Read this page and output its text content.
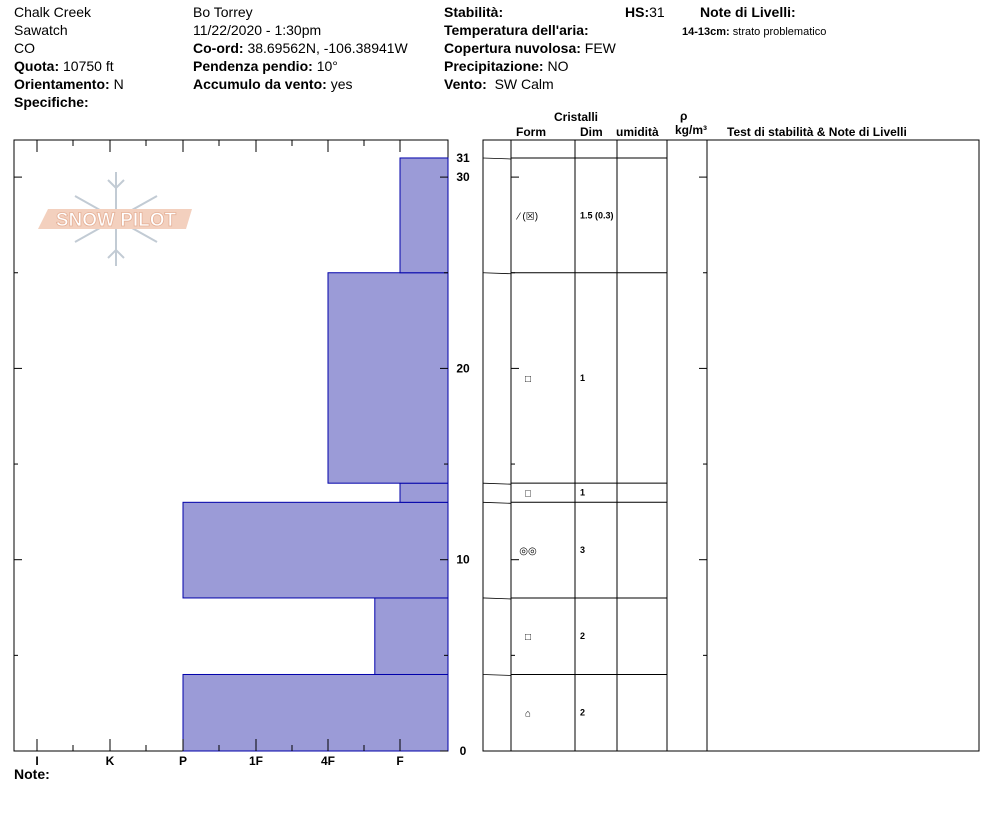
Chalk Creek
Sawatch
CO
Quota: 10750 ft
Orientamento: N
Specifiche:
Bo Torrey
11/22/2020 - 1:30pm
Co-ord: 38.69562N, -106.38941W
Pendenza pendio: 10°
Accumulo da vento: yes
Stabilità:
Temperatura dell'aria:
Copertura nuvolosa: FEW
Precipitazione: NO
Vento: SW Calm
HS:31	Note di Livelli:
14-13cm: strato problematico
Cristalli
Form	Dim umidità
ρ
kg/m³ Test di stabilità & Note di Livelli
Note:
SNOW PILOT
I	K	P	1F	4F	F
0
10
20
30
31
⁄ (☒)	1.5 (0.3)
□	1
□	1
◎◎	3
□	2
⌂	2
